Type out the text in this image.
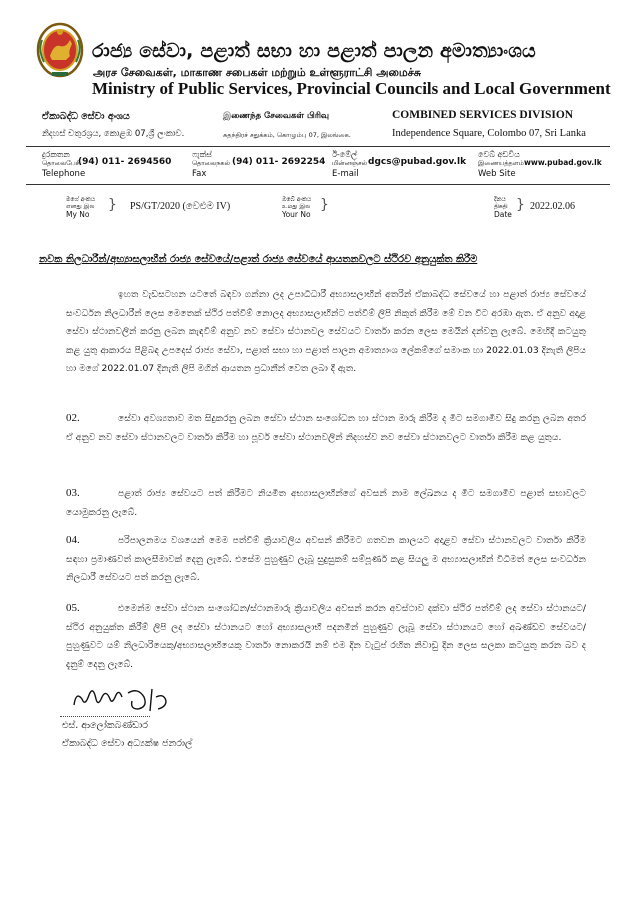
රාජ්‍ය සේවා, පළාත් සභා හා පළාත් පාලන අමාත්‍යාංශය
அரச சேவைகள், மாகாண சபைகள் மற்றும் உள்ளூராட்சி அமைச்சு
Ministry of Public Services, Provincial Councils and Local Government
ඒකාබද්ධ සේවා අංශය	இணைந்த சேவைகள் பிரிவு	COMBINED SERVICES DIVISION
නිදහස් චතුරශ්‍රය, කොළඹ 07,ශ්‍රී ලංකාව.	சுதந்திரச் சதுக்கம், கொழும்பு 07, இலங்கை.	Independence Square, Colombo 07, Sri Lanka
දුරකතන
தொலைபேசி
(94) 011- 2694560
Telephone
ෆැක්ස්
தொலைநகல் (94) 011- 2692254
Fax
ඊ-මේල්
மின்னஞ்சல் dgcs@pubad.gov.lk
E-mail
වෙබ් අඩවිය
இணையத்தளம் www.pubad.gov.lk
Web Site
මගේ අංකය
எனது இல
My No
} PS/GT/2020 (වෙළුම IV)
ඔබේ අංකය
உமது இல
Your No
}	දිනය
திகதி
Date
} 2022.02.06
නවක නිලධාරීන්/අභ්‍යාසලාභීන් රාජ්‍ය සේවයේ/පළාත් රාජ්‍ය සේවයේ ආයතනවලට ස්ථිරව අනුයුක්ත කිරීම
ඉහත වැඩසටහන යටතේ බඳවා ගන්නා ලද උපාධිධාරී අභ්‍යාසලාභීන් අතරින් ඒකාබද්ධ සේවයේ හා පළාත් රාජ්‍ය සේවයේ සංවර්ධන නිලධාරීන් ලෙස මෙතෙක් ස්ථිර පත්වීම් නොලද අභ්‍යාසලාභීන්ට පත්වීම් ලිපි නිකුත් කිරීම මේ වන විට අරඹා ඇත. ඒ අනුව අදාළ සේවා ස්ථානවලින් කරනු ලබන කැඳවීම් අනුව නව සේවා ස්ථානවල සේවයට වාර්තා කරන ලෙස මෙයින් දන්වනු ලැබේ. මෙහිදී කටයුතු කළ යුතු ආකාරය පිළිබඳ උපදෙස් රාජ්‍ය සේවා, පළාත් සභා හා පළාත් පාලන අමාත්‍යාංශ ලේකම්ගේ සමාංක හා 2022.01.03 දිනැති ලිපිය හා මගේ 2022.01.07 දිනැති ලිපි මගින් ආයතන ප්‍රධානීන් වෙත ලබා දී ඇත.
02.	සේවා අවශ්‍යතාව මත සිදුකරනු ලබන සේවා ස්ථාන සංශෝධන හා ස්ථාන මාරු කිරීම ද මීට සමගාමීව සිදු කරනු ලබන අතර ඒ අනුව නව සේවා ස්ථානවලට වාර්තා කිරීම හා පූර්ව සේවා ස්ථානවලින් නිදහස්ව නව සේවා ස්ථානවලට වාර්තා කිරීම කළ යුතුය.
03.	පළාත් රාජ්‍ය සේවයට පත් කිරීමට නියමිත අභ්‍යාසලාභීන්ගේ අවසන් නාම ලේඛනය ද මීට සමගාමීව පළාත් සභාවලට යොමුකරනු ලැබේ.
04.	පරිපාලනමය වශයෙන් මෙම පත්වීම් ක්‍රියාවලිය අවසන් කිරීමට ගතවන කාලයට අදාළව සේවා ස්ථානවලට වාර්තා කිරීම සඳහා ප්‍රමාණවත් කාලසීමාවක් දෙනු ලැබේ. එසේම පුහුණුව ලැබූ සුදුසුකම් සම්පූර්ණ කළ සියලු ම අභ්‍යාසලාභීන් විධිමත් ලෙස සංවර්ධන නිලධාරී සේවයට පත් කරනු ලැබේ.
05.	එමෙන්ම සේවා ස්ථාන සංශෝධන/ස්ථානමාරු ක්‍රියාවලිය අවසන් කරන අවස්ථාව දක්වා ස්ථිර පත්වීම් ලද සේවා ස්ථානයට/ස්ථිර අනුයුක්ත කිරීම් ලිපි ලද සේවා ස්ථානයට හෝ අභ්‍යාසලාභී පදනමින් පුහුණුව ලැබූ සේවා ස්ථානයට හෝ අඛණ්ඩව සේවයට/පුහුණුවට යම් නිලධාරියෙකු/අභ්‍යාසලාභියෙකු වාර්තා නොකරයි නම් එම දින වැටුප් රහිත නිවාඩු දින ලෙස සලකා කටයුතු කරන බව ද දැනුම් දෙනු ලැබේ.
එස්. ආලෝකබණ්ඩාර
ඒකාබද්ධ සේවා අධ්‍යක්ෂ ජනරාල්
